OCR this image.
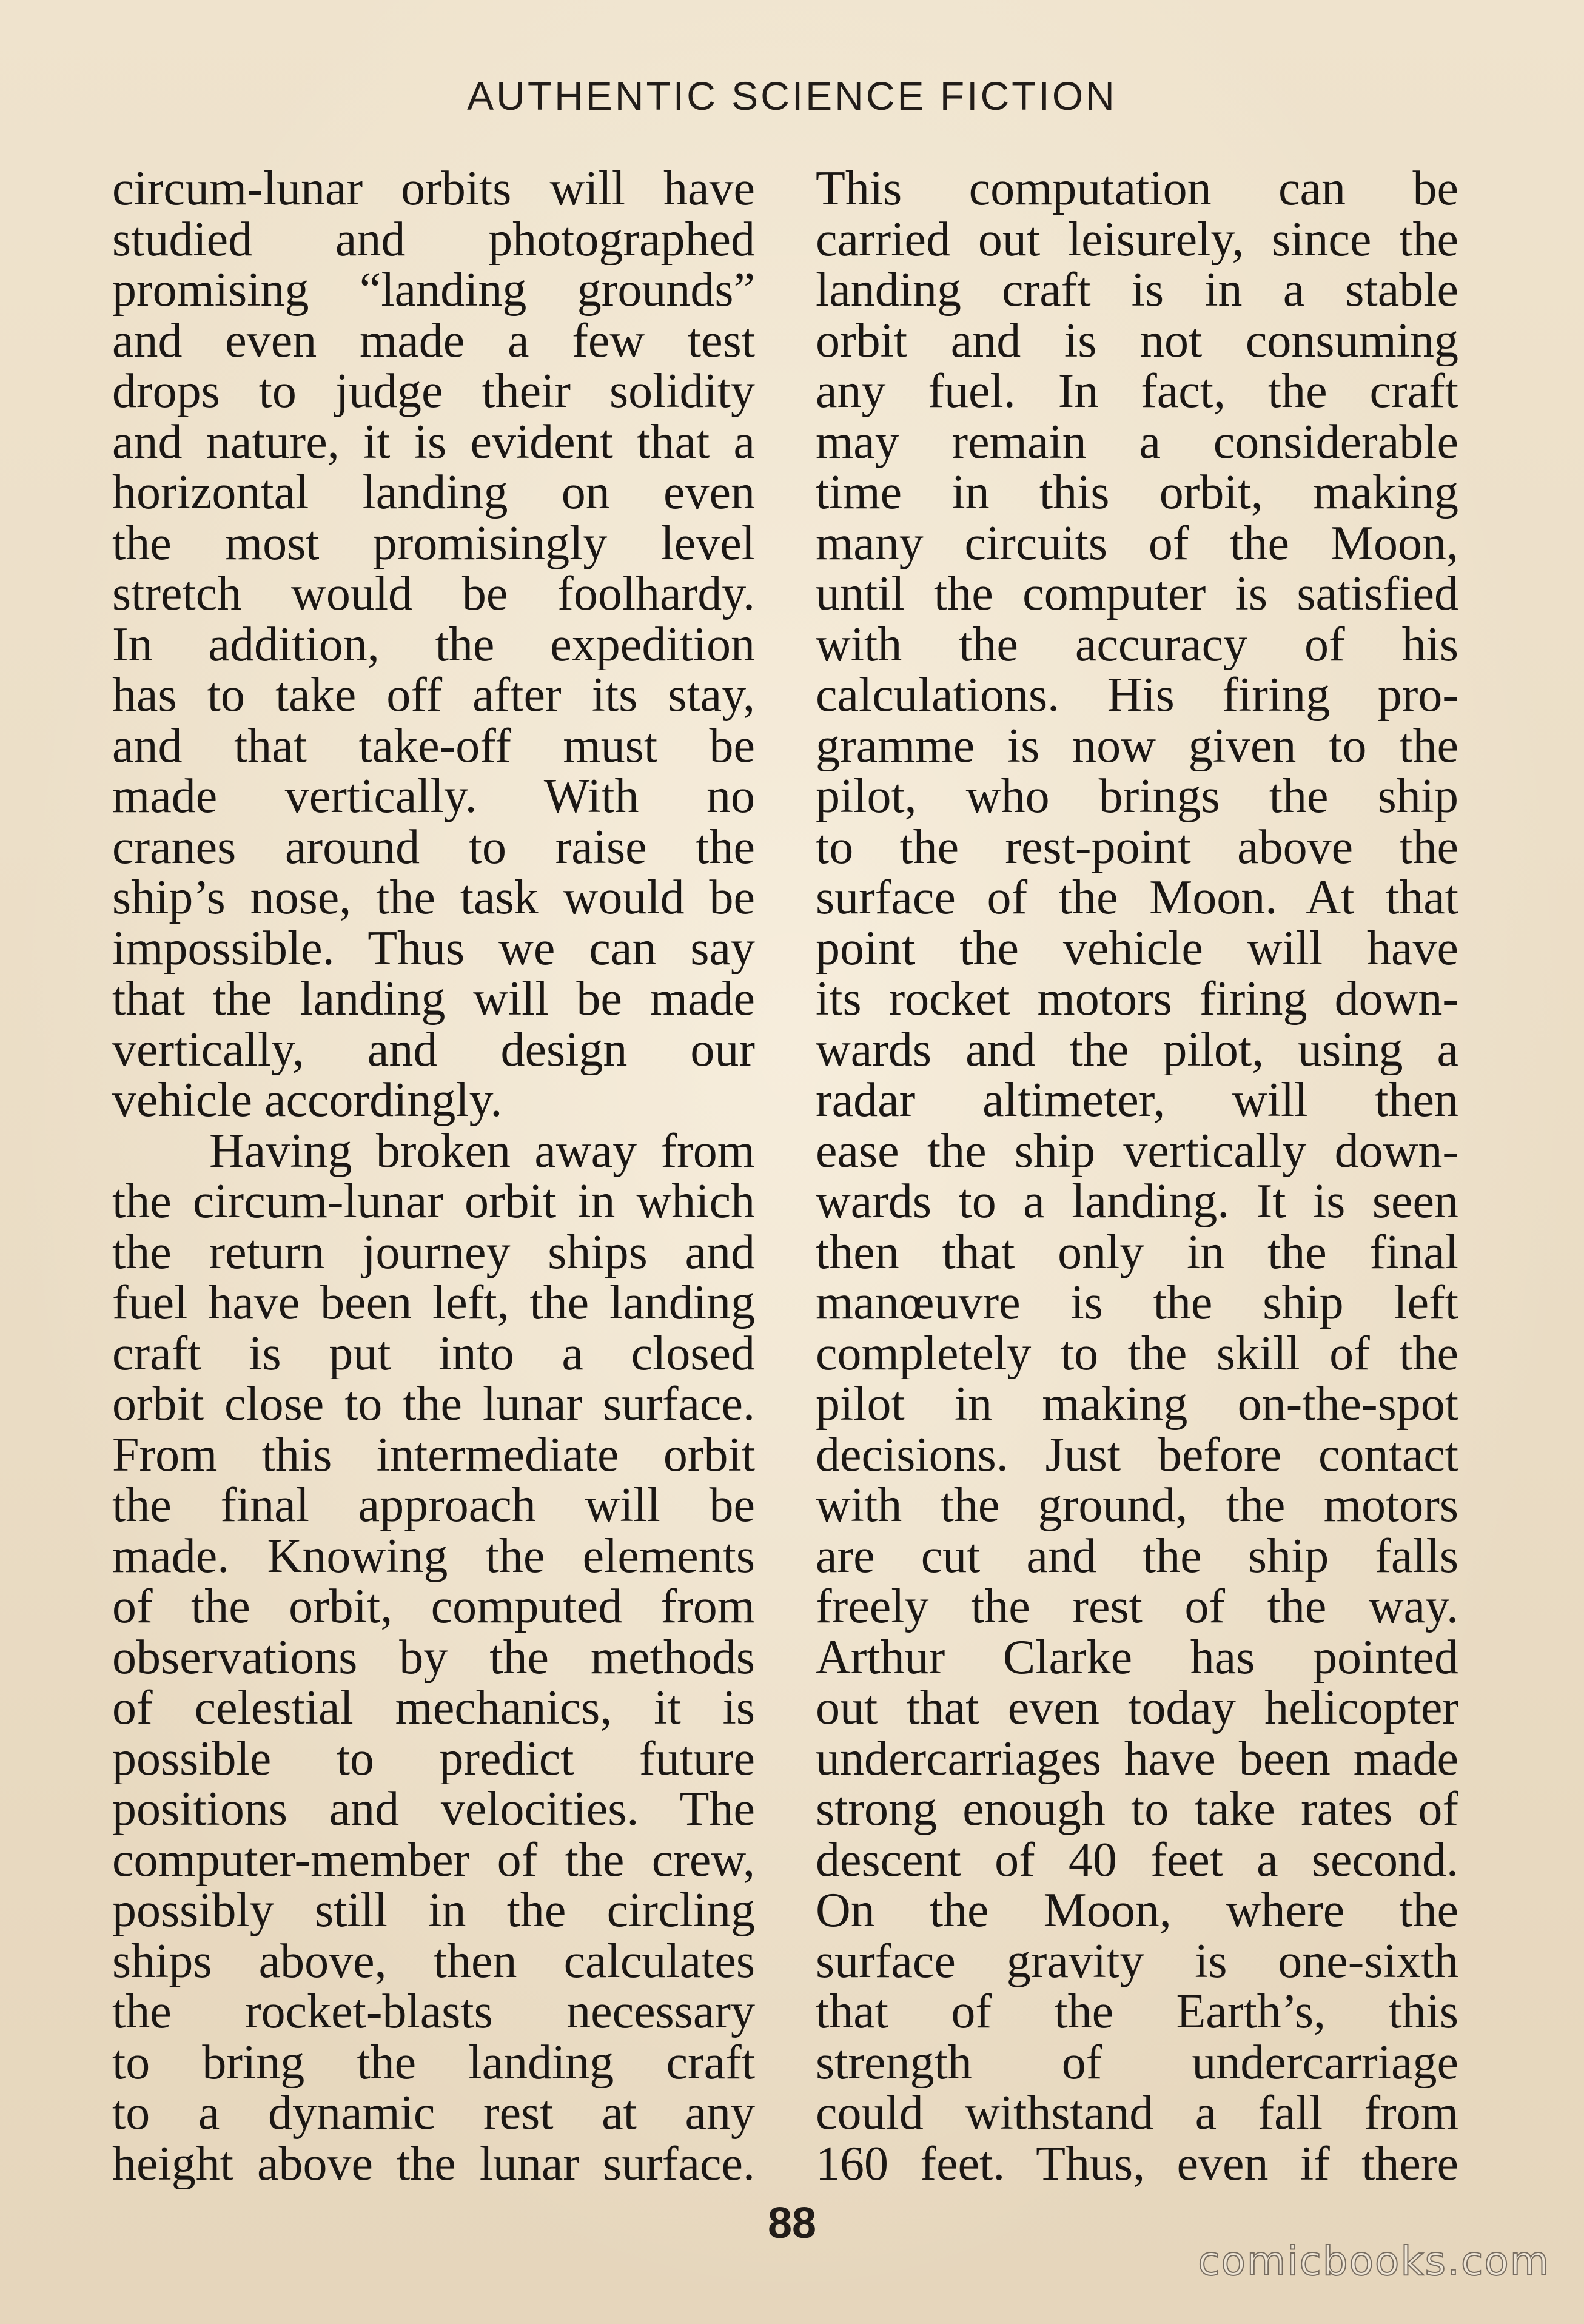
AUTHENTIC SCIENCE FICTION
circum-lunar orbits will have
studied and photographed
promising “landing grounds”
and even made a few test
drops to judge their solidity
and nature, it is evident that a
horizontal landing on even
the most promisingly level
stretch would be foolhardy.
In addition, the expedition
has to take off after its stay,
and that take-off must be
made vertically. With no
cranes around to raise the
ship’s nose, the task would be
impossible. Thus we can say
that the landing will be made
vertically, and design our
vehicle accordingly.
Having broken away from
the circum-lunar orbit in which
the return journey ships and
fuel have been left, the landing
craft is put into a closed
orbit close to the lunar surface.
From this intermediate orbit
the final approach will be
made. Knowing the elements
of the orbit, computed from
observations by the methods
of celestial mechanics, it is
possible to predict future
positions and velocities. The
computer-member of the crew,
possibly still in the circling
ships above, then calculates
the rocket-blasts necessary
to bring the landing craft
to a dynamic rest at any
height above the lunar surface.
This computation can be
carried out leisurely, since the
landing craft is in a stable
orbit and is not consuming
any fuel. In fact, the craft
may remain a considerable
time in this orbit, making
many circuits of the Moon,
until the computer is satisfied
with the accuracy of his
calculations. His firing pro-
gramme is now given to the
pilot, who brings the ship
to the rest-point above the
surface of the Moon. At that
point the vehicle will have
its rocket motors firing down-
wards and the pilot, using a
radar altimeter, will then
ease the ship vertically down-
wards to a landing. It is seen
then that only in the final
manœuvre is the ship left
completely to the skill of the
pilot in making on-the-spot
decisions. Just before contact
with the ground, the motors
are cut and the ship falls
freely the rest of the way.
Arthur Clarke has pointed
out that even today helicopter
undercarriages have been made
strong enough to take rates of
descent of 40 feet a second.
On the Moon, where the
surface gravity is one-sixth
that of the Earth’s, this
strength of undercarriage
could withstand a fall from
160 feet. Thus, even if there
88
comicbooks.com
